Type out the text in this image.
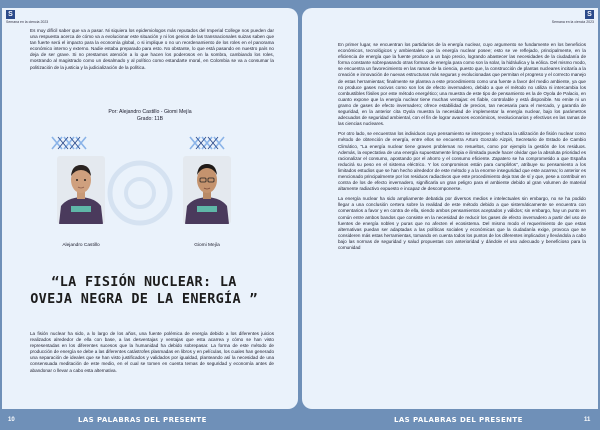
S
Semana en la ciencia 2023

Es muy difícil saber que va a pasar. Ni siquiera los epidemiologos más reputados del Imperial College nos pueden dar una respuesta acerca de cómo va a evolucionar este situación y ni los genios de las transnacionales suizas saben que tan fuerte será el impacto para la economía global, o si implique o no un reordenamiento de los roles en el panorama económico interno y externo. Nadie estaba preparado para esto. No obstante, lo que está pasando en nuestro país no deja de ser grave. Si no prestamos atención a lo que hacen los poderosos en la sombra, cambiando los roles, mostrando al magistrado como un desalmado y al político como estandarte moral, en Colombia se va a consumar la politización de la justicia y la judicialización de la política.

Por: Alejandro Castillo - Giomi Mejía
Grado: 11B
Alejandro Castillo	Giomi Mejía
“LA FISIÓN NUCLEAR: LA OVEJA NEGRA DE LA ENERGÍA ”

La fisión nuclear ha sido, a lo largo de los años, una fuente polémica de energía debido a los diferentes juicios realizados alrededor de ella con base, a las desventajas y ventajas que esta acarrea y cómo se han visto representadas en los diferentes sucesos que la humanidad ha debido sobrepasar. La forma de este método de producción de energía se debe a las diferentes catástrofes plasmadas en libros y en películas, los cuales han generado una separación de ideales que se han visto justificados y validados por igualdad, planteando así la necesidad de una consensuada meditación de este medio, en el cual se tomen en cuenta temas de seguridad y economía antes de abandonar o llevar a cabo esta alternativa.

S
Semana en la ciencia 2023

En primer lugar, se encuentran los partidarios de la energía nuclear, cuyo argumento se fundamente en los beneficios económicos, tecnológicos y ambientales que la energía nuclear posee; esto se ve reflejado, principalmente, en la eficiencia de energía que la fuente produce a un bajo precio, logrando abastecer las necesidades de la ciudadanía de forma constante sobrepasando otras formas de energía para como son la solar, la hidráulica y la eólica. Del mismo modo, se encuentra un favorecimiento en las ramas de la ciencia, puesto que, la construcción de plantas nucleares incitaría a la creación e innovación de nuevas estructuras más seguras y evolucionadas que permitan el progreso y el correcto manejo de estas herramientas; finalmente se plantea a este procedimiento como una fuente a favor del medio ambiente, ya que no produce gases nocivos como son los de efecto invernadero, debido a que el método no utiliza ni intercambia los combustibles fósiles por este método energético; una muestra de este tipo de pensamiento es la de Oyola de Palacio, en cuanto expone que la energía nuclear tiene muchas ventajas: es fiable, controlable y está disponible. No emite ni un gramo de gases de efecto invernadero; ofrece estabilidad de precios, tan necesaria para el mercado, y garantía de seguridad, en la anterior cita Oyola muestra la necesidad de implementar la energía nuclear, bajo los parámetros adecuados de seguridad ambiental, con el fin de lograr avances económicos, revolucionarios y efectivos en las ramas de las ciencias nucleares.

Por otro lado, se encuentran los individuos cuyo pensamiento se interpone y rechaza la utilización de fisión nuclear como método de obtención de energía, entre ellos se encuentra Arturo Gonzalo Aizpiri, Secretario de Estado de Cambio Climático, "La energía nuclear tiene graves problemas no resueltos, como por ejemplo la gestión de los residuos. Además, la expectativa de una energía supuestamente limpia e ilimitada puede hacer olvidar que la absoluta prioridad es racionalizar el consumo, apostando por el ahorro y el consumo eficiente. Zapatero se ha comprometido a que España reducirá su peso en el sistema eléctrico. Y los compromisos están para cumplirlos", atribuye su pensamiento a los limitados estudios que se han hecho alrededor de este método y a la enorme inseguridad que este acarrea; lo anterior es mencionado principalmente por los residuos radiactivos que este procedimiento deja tras de sí y que, pese a contribuir en contra de los de efecto invernadero, significarla un gran peligro para el ambiente debido al gran volumen de material altamente radiactivo expuesto e incapaz de descomponerse.

La energía nuclear ha sido ampliamente debatida por diversos medios e intelectuales sin embargo, no se ha podido llegar a una conclusión certera sobre la realidad de este método debido a que sistemáticamente se encuentra con comentarios a favor y en contra de ella, siendo ambos pensamientos aceptados y válidos; sin embargo, hay un punto en común entre ambos bandos que consiste en la necesidad de reducir los gases de efecto invernadero a partir del uso de fuentes de energía nobles y puras que no afecten el ecosistema. Del mismo modo el requerimiento de que estas alternativas puedan ser adaptadas a las políticas sociales y económicas que la ciudadanía exige, provoca que se consideren más estas herramientas, tomando en cuenta todos los puntos de los diferentes implicados y llevándola a cabo bajo las normas de seguridad y salud propuestas con anterioridad y dándole el uso adecuado y beneficioso para la comunidad

10	LAS PALABRAS DEL PRESENTE	LAS PALABRAS DEL PRESENTE	11
